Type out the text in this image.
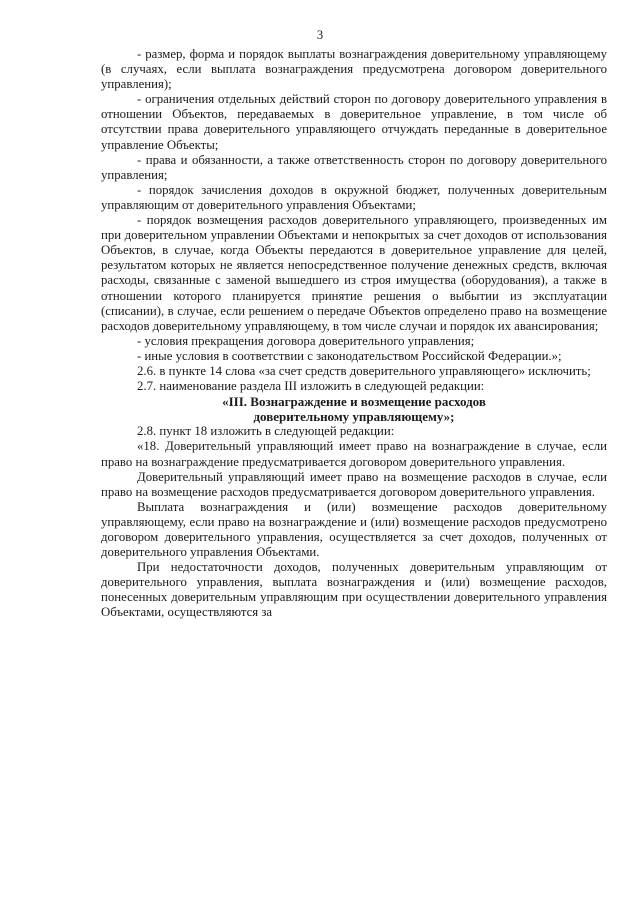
3

- размер, форма и порядок выплаты вознаграждения доверительному управляющему (в случаях, если выплата вознаграждения предусмотрена договором доверительного управления);

- ограничения отдельных действий сторон по договору доверительного управления в отношении Объектов, передаваемых в доверительное управление, в том числе об отсутствии права доверительного управляющего отчуждать переданные в доверительное управление Объекты;

- права и обязанности, а также ответственность сторон по договору доверительного управления;

- порядок зачисления доходов в окружной бюджет, полученных доверительным управляющим от доверительного управления Объектами;

- порядок возмещения расходов доверительного управляющего, произведенных им при доверительном управлении Объектами и непокрытых за счет доходов от использования Объектов, в случае, когда Объекты передаются в доверительное управление для целей, результатом которых не является непосредственное получение денежных средств, включая расходы, связанные с заменой вышедшего из строя имущества (оборудования), а также в отношении которого планируется принятие решения о выбытии из эксплуатации (списании), в случае, если решением о передаче Объектов определено право на возмещение расходов доверительному управляющему, в том числе случаи и порядок их авансирования;

- условия прекращения договора доверительного управления;

- иные условия в соответствии с законодательством Российской Федерации.»;

2.6. в пункте 14 слова «за счет средств доверительного управляющего» исключить;

2.7. наименование раздела III изложить в следующей редакции:

«III. Вознаграждение и возмещение расходов

доверительному управляющему»;

2.8. пункт 18 изложить в следующей редакции:

«18. Доверительный управляющий имеет право на вознаграждение в случае, если право на вознаграждение предусматривается договором доверительного управления.

Доверительный управляющий имеет право на возмещение расходов в случае, если право на возмещение расходов предусматривается договором доверительного управления.

Выплата вознаграждения и (или) возмещение расходов доверительному управляющему, если право на вознаграждение и (или) возмещение расходов предусмотрено договором доверительного управления, осуществляется за счет доходов, полученных от доверительного управления Объектами.

При недостаточности доходов, полученных доверительным управляющим от доверительного управления, выплата вознаграждения и (или) возмещение расходов, понесенных доверительным управляющим при осуществлении доверительного управления Объектами, осуществляются за
